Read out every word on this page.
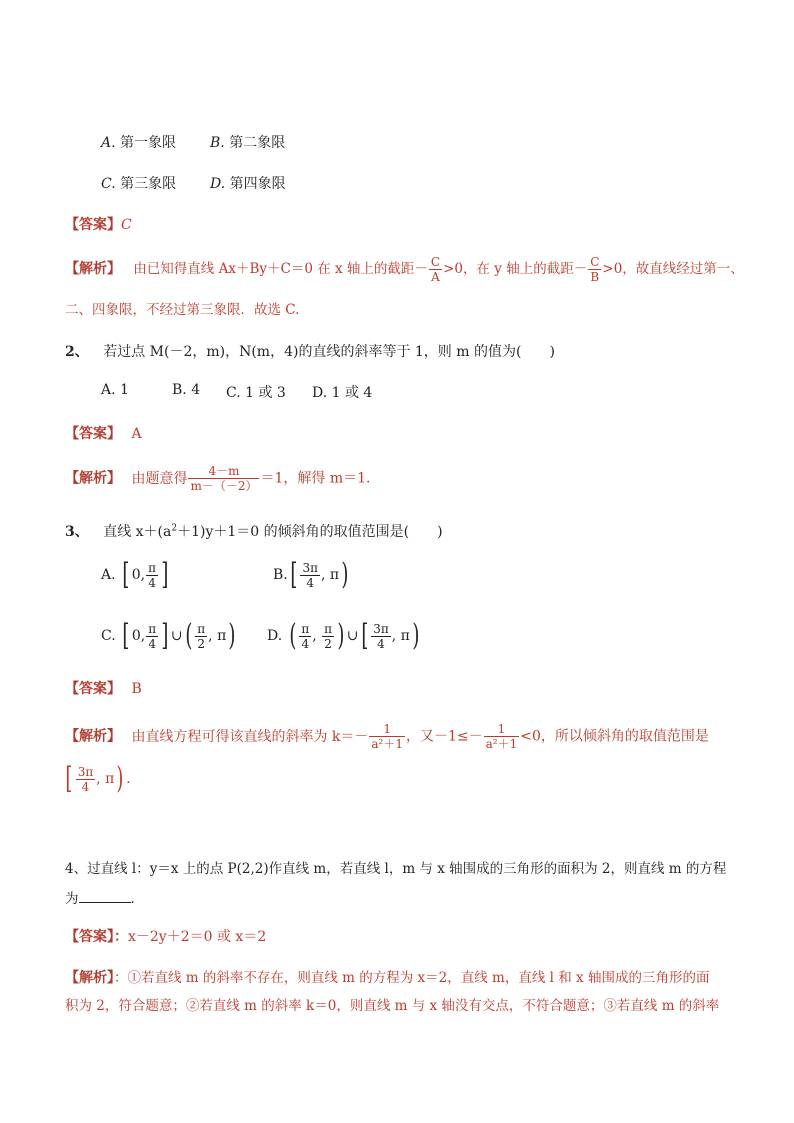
A. 第一象限 B. 第二象限
C. 第三象限 D. 第四象限
【答案】C
【解析】 由已知得直线 Ax＋By＋C＝0 在 x 轴上的截距－ $\frac{C}{A} >0$，在 y 轴上的截距－ $\frac{C}{B} >0$，故直线经过第一、
二、四象限，不经过第三象限．故选 C.
2、 若过点 M(－2，m)，N(m，4)的直线的斜率等于 1，则 m 的值为(　　)
A. 1	B. 4 C. 1 或 3 D. 1 或 4
【答案】 A
【解析】 由题意得 $\frac{4-m}{m-(-2)} =1$，解得 m＝1.
3、 直线 $x+(a^2+1)y+1=0$ 的倾斜角的取值范围是(　　)
A. [ 0, $\frac{\pi}{4}$ ]	$B.[ \frac{3\pi}{4}$ , π)
C. [ 0, $\frac{\pi}{4}$ ] ∪( $\frac{\pi}{2}$ , π) D. ( $\frac{\pi}{4}$ , $\frac{\pi}{2}$ ) ∪[ $\frac{3\pi}{4}$ , π)
【答案】 B
【解析】 由直线方程可得该直线的斜率为 $k=- \frac{1}{\text{a²＋1}}$ ，又$-1\le- \frac{1}{\text{a²＋1}} <0$，所以倾斜角的取值范围是
[ $\frac{3\pi}{4}$ , π) .
4、过直线 l：y＝x 上的点 P(2,2)作直线 m，若直线 l，m 与 x 轴围成的三角形的面积为 2，则直线 m 的方程
为	．
【答案】：x－2y＋2＝0 或 x＝2
【解析】：①若直线 m 的斜率不存在，则直线 m 的方程为 x＝2，直线 m，直线 l 和 x 轴围成的三角形的面
积为 2，符合题意；②若直线 m 的斜率 k＝0，则直线 m 与 x 轴没有交点，不符合题意；③若直线 m 的斜率
